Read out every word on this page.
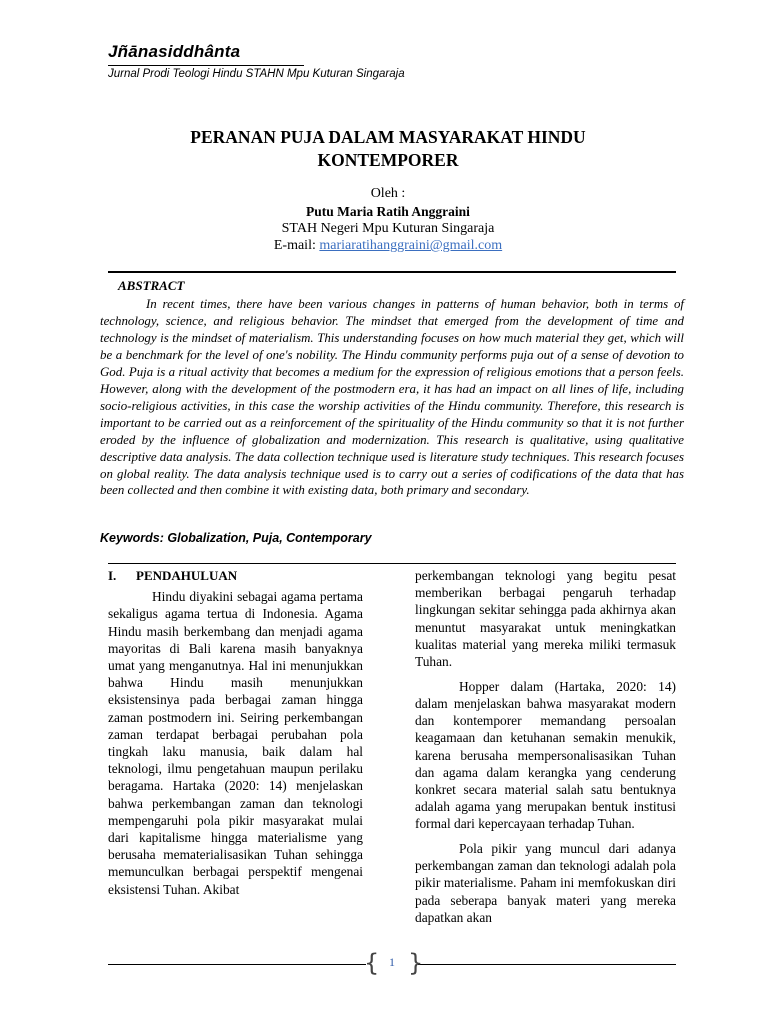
Jñānasiddhânta
Jurnal Prodi Teologi Hindu STAHN Mpu Kuturan Singaraja
PERANAN PUJA DALAM MASYARAKAT HINDU
KONTEMPORER
Oleh :
Putu Maria Ratih Anggraini
STAH Negeri Mpu Kuturan Singaraja
E-mail: mariaratihanggraini@gmail.com
ABSTRACT

In recent times, there have been various changes in patterns of human behavior, both in terms of technology, science, and religious behavior. The mindset that emerged from the development of time and technology is the mindset of materialism. This understanding focuses on how much material they get, which will be a benchmark for the level of one's nobility. The Hindu community performs puja out of a sense of devotion to God. Puja is a ritual activity that becomes a medium for the expression of religious emotions that a person feels. However, along with the development of the postmodern era, it has had an impact on all lines of life, including socio-religious activities, in this case the worship activities of the Hindu community. Therefore, this research is important to be carried out as a reinforcement of the spirituality of the Hindu community so that it is not further eroded by the influence of globalization and modernization. This research is qualitative, using qualitative descriptive data analysis. The data collection technique used is literature study techniques. This research focuses on global reality. The data analysis technique used is to carry out a series of codifications of the data that has been collected and then combine it with existing data, both primary and secondary.

Keywords: Globalization, Puja, Contemporary
I. PENDAHULUAN

Hindu diyakini sebagai agama pertama sekaligus agama tertua di Indonesia. Agama Hindu masih berkembang dan menjadi agama mayoritas di Bali karena masih banyaknya umat yang menganutnya. Hal ini menunjukkan bahwa Hindu masih menunjukkan eksistensinya pada berbagai zaman hingga zaman postmodern ini. Seiring perkembangan zaman terdapat berbagai perubahan pola tingkah laku manusia, baik dalam hal teknologi, ilmu pengetahuan maupun perilaku beragama. Hartaka (2020: 14) menjelaskan bahwa perkembangan zaman dan teknologi mempengaruhi pola pikir masyarakat mulai dari kapitalisme hingga materialisme yang berusaha mematerialisasikan Tuhan sehingga memunculkan berbagai perspektif mengenai eksistensi Tuhan. Akibat

perkembangan teknologi yang begitu pesat memberikan berbagai pengaruh terhadap lingkungan sekitar sehingga pada akhirnya akan menuntut masyarakat untuk meningkatkan kualitas material yang mereka miliki termasuk Tuhan.

Hopper dalam (Hartaka, 2020: 14) dalam menjelaskan bahwa masyarakat modern dan kontemporer memandang persoalan keagamaan dan ketuhanan semakin menukik, karena berusaha mempersonalisasikan Tuhan dan agama dalam kerangka yang cenderung konkret secara material salah satu bentuknya adalah agama yang merupakan bentuk institusi formal dari kepercayaan terhadap Tuhan.

Pola pikir yang muncul dari adanya perkembangan zaman dan teknologi adalah pola pikir materialisme. Paham ini memfokuskan diri pada seberapa banyak materi yang mereka dapatkan akan

{ 1 }
